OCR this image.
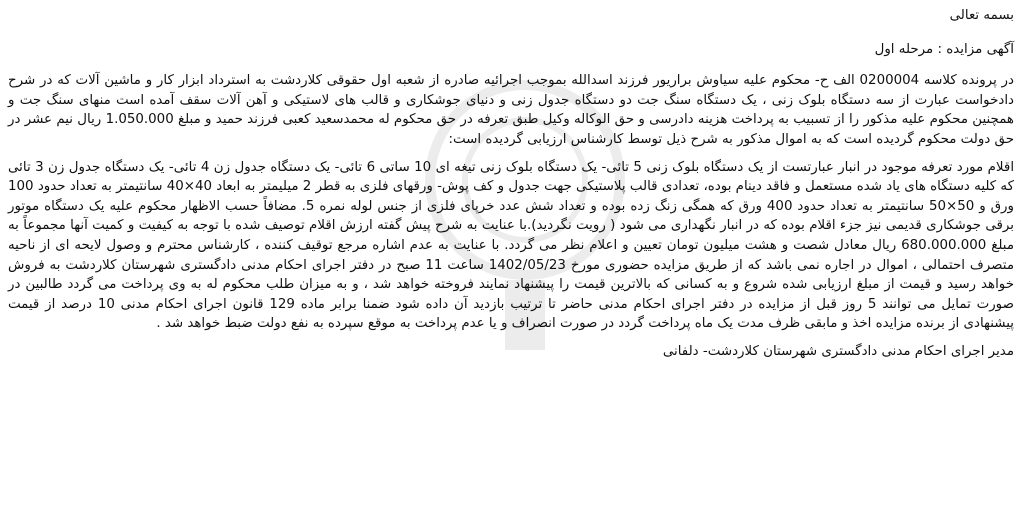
بسمه تعالی
آگهی مزایده : مرحله اول

در پرونده کلاسه 0200004 الف ح- محکوم علیه سیاوش براریور فرزند اسدالله بموجب اجرائیه صادره از شعبه اول حقوقی کلاردشت به استرداد ابزار کار و ماشین آلات که در شرح دادخواست عبارت از سه دستگاه بلوک زنی ، یک دستگاه سنگ جت دو دستگاه جدول زنی و دنیای جوشکاری و قالب های لاستیکی و آهن آلات سقف آمده است منهای سنگ جت و همچنین محکوم علیه مذکور را از تسبیب به پرداخت هزینه دادرسی و حق الوکاله وکیل طبق تعرفه در حق محکوم له محمدسعید کعبی فرزند حمید و مبلغ 1.050.000 ریال نیم عشر در حق دولت محکوم گردیده است که به اموال مذکور به شرح ذیل توسط کارشناس ارزیابی گردیده است:

اقلام مورد تعرفه موجود در انبار عبارتست از یک دستگاه بلوک زنی 5 تائی- یک دستگاه بلوک زنی تیغه ای 10 ساتی 6 تائی- یک دستگاه جدول زن 4 تائی- یک دستگاه جدول زن 3 تائی که کلیه دستگاه های یاد شده مستعمل و فاقد دینام بوده، تعدادی قالب پلاستیکی جهت جدول و کف پوش- ورقهای فلزی به قطر 2 میلیمتر به ابعاد 40×40 سانتیمتر به تعداد حدود 100 ورق و 50×50 سانتیمتر به تعداد حدود 400 ورق که همگی زنگ زده بوده و تعداد شش عدد خرپای فلزی از جنس لوله نمره 5. مضافاً حسب الاظهار محکوم علیه یک دستگاه موتور برقی جوشکاری قدیمی نیز جزء اقلام بوده که در انبار نگهداری می شود ( رویت نگردید).با عنایت به شرح پیش گفته ارزش اقلام توصیف شده با توجه به کیفیت و کمیت آنها مجموعاً به مبلغ 680.000.000 ریال معادل شصت و هشت میلیون تومان تعیین و اعلام نظر می گردد. با عنایت به عدم اشاره مرجع توقیف کننده ، کارشناس محترم و وصول لایحه ای از ناحیه متصرف احتمالی ، اموال در اجاره نمی باشد که از طریق مزایده حضوری مورخ 1402/05/23 ساعت 11 صبح در دفتر اجرای احکام مدنی دادگستری شهرستان کلاردشت به فروش خواهد رسید و قیمت از مبلغ ارزیابی شده شروع و به کسانی که بالاترین قیمت را پیشنهاد نمایند فروخته خواهد شد ، و به میزان طلب محکوم له به وی پرداخت می گردد طالبین در صورت تمایل می توانند 5 روز قبل از مزایده در دفتر اجرای احکام مدنی حاضر تا ترتیب بازدید آن داده شود ضمنا برابر ماده 129 قانون اجرای احکام مدنی 10 درصد از قیمت پیشنهادی از برنده مزایده اخذ و مابقی ظرف مدت یک ماه پرداخت گردد در صورت انصراف و یا عدم پرداخت به موقع سپرده به نفع دولت ضبط خواهد شد .

مدیر اجرای احکام مدنی دادگستری شهرستان کلاردشت- دلفانی
